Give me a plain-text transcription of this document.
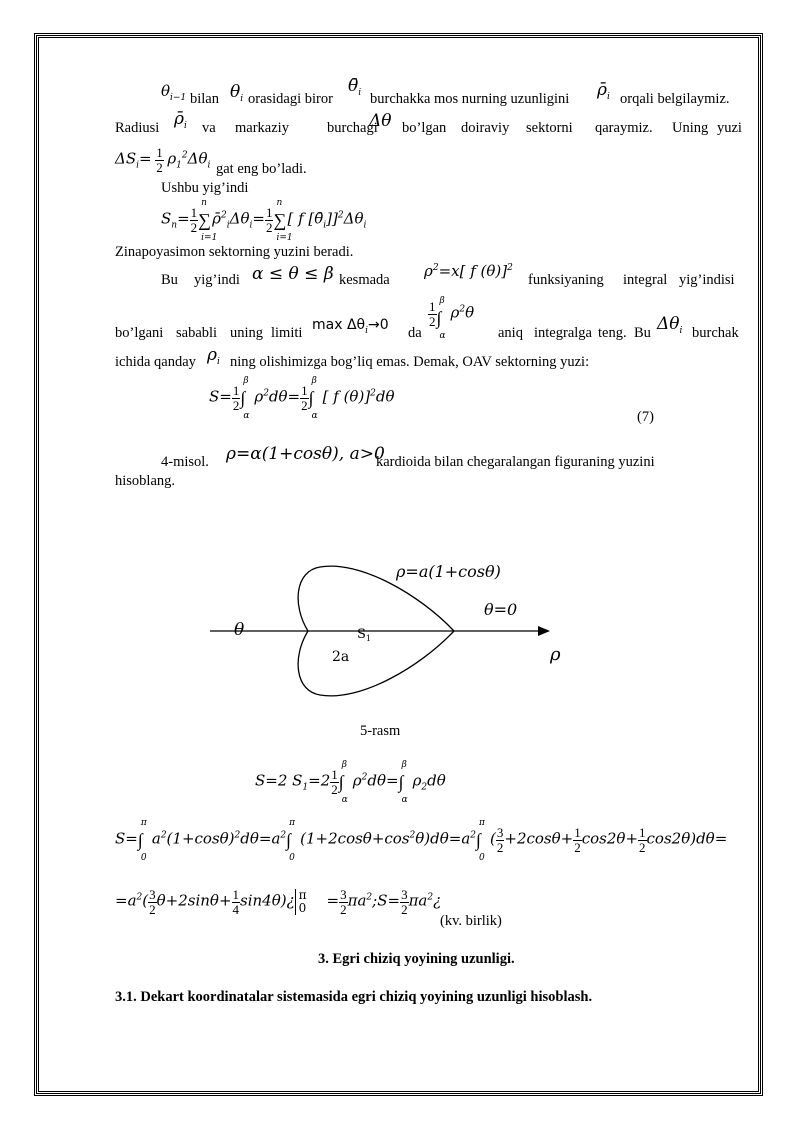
$\theta_{i-1}$ bilan $\theta_i$ orasidagi biror
$\thetā_i$ burchakka mos nurning uzunligini $\rhō_i$ orqali belgilaymiz.
Radiusi $\rhō_i$ va markaziy	burchagi
Δθ bo’lgan doiraviy sektorni qaraymiz. Uning yuzi
$\Delta S_i= \frac{1}{2} \rho_1^2\Delta\theta_i$ gat eng bo’ladi.
Ushbu yig’indi
$S_n= \frac{1}{2}$ ∑
n
i=1
$\rhō^2_i\Delta\theta_i= \frac{1}{2}$ ∑
n
i=1
[ f $[\thetā_i]]^2\Delta\theta_i$
Zinapoyasimon sektorning yuzini beradi.
Bu yig’indi α ≤ θ ≤ β kesmada $\rho^2=x$[ f (θ)]$^2$
funksiyaning integral yig’indisi
bo’lgani sababli uning limiti $\max \Delta\theta_i\to 0$ da
$\frac{1}{2}$ ∫
β
α
$\rho^2\theta$
aniq integralga teng. Bu $\Delta\theta_i$ burchak
ichida qanday $\rho_i$ ning olishimizga bog’liq emas. Demak, OAV sektorning yuzi:
$S= \frac{1}{2}$ ∫
β
α
$\rho^2d\theta= \frac{1}{2}$ ∫
β
α
[ f (θ)]$^2$dθ
(7)
4-misol. ρ=α(1+cosθ), a>0
kardioida bilan chegaralangan figuraning yuzini
hisoblang.
ρ=a(1+cosθ)
θ=0
θ	$S_1$
2a	ρ
5-rasm
S=2 $S_1=2 \frac{1}{2}$ ∫
β
α
$\rho^2d\theta=\int$
β
α
$\rho_2d\theta$
S=∫
π
0
$a^2(1+\cos\theta)^2d\theta=a^2\int$
π
0
$(1+2\cos\theta+\cos^2\theta)d\theta=a^2\int$
π
0
( $\frac{3}{2} +2\cos\theta+ \frac{1}{2} \cos 2\theta+ \frac{1}{2} \cos 2\theta)d\theta=$
$=a^2( \frac{3}{2} \theta+2\sin\theta+ \frac{1}{4}$ sin4θ)¿ π
$0 = \frac{3}{2}$ $\pi a^2;S= \frac{3}{2}$ $\pi a^2¿$
(kv. birlik)
3. Egri chiziq yoyining uzunligi.
3.1. Dekart koordinatalar sistemasida egri chiziq yoyining uzunligi hisoblash.
